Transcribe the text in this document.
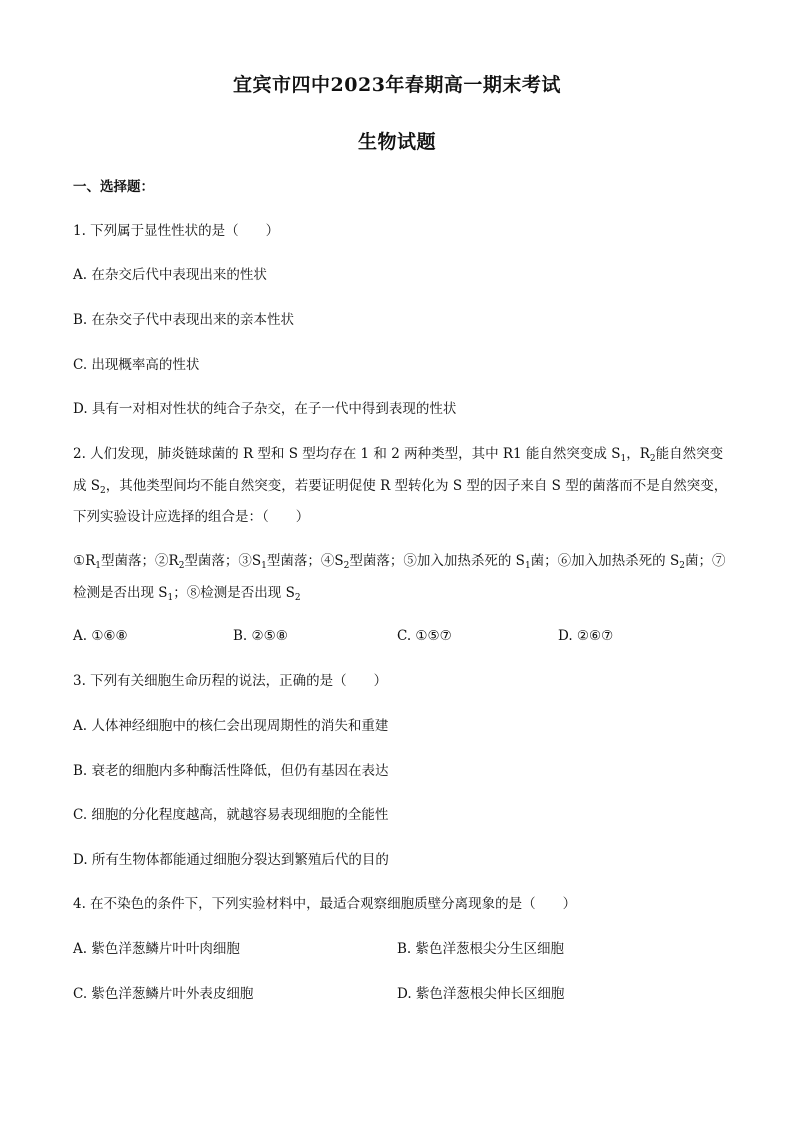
宜宾市四中2023年春期高一期末考试
生物试题
一、选择题：
1. 下列属于显性性状的是（　　）
A. 在杂交后代中表现出来的性状
B. 在杂交子代中表现出来的亲本性状
C. 出现概率高的性状
D. 具有一对相对性状的纯合子杂交，在子一代中得到表现的性状
2. 人们发现，肺炎链球菌的 R 型和 S 型均存在 1 和 2 两种类型，其中 R1 能自然突变成 $S_1$，$R_2$能自然突变
成 $S_2$，其他类型间均不能自然突变，若要证明促使 R 型转化为 S 型的因子来自 S 型的菌落而不是自然突变，
下列实验设计应选择的组合是：（　　）
$①R_1$型菌落；$②R_2$型菌落；$③S_1$型菌落；$④S_2$型菌落；⑤加入加热杀死的 $S_1$菌；⑥加入加热杀死的 $S_2$菌；⑦
检测是否出现 $S_1$；⑧检测是否出现 $S_2$
A. ①⑥⑧	B. ②⑤⑧	C. ①⑤⑦	D. ②⑥⑦
3. 下列有关细胞生命历程的说法，正确的是（　　）
A. 人体神经细胞中的核仁会出现周期性的消失和重建
B. 衰老的细胞内多种酶活性降低，但仍有基因在表达
C. 细胞的分化程度越高，就越容易表现细胞的全能性
D. 所有生物体都能通过细胞分裂达到繁殖后代的目的
4. 在不染色的条件下，下列实验材料中，最适合观察细胞质壁分离现象的是（　　）
A. 紫色洋葱鳞片叶叶肉细胞	B. 紫色洋葱根尖分生区细胞
C. 紫色洋葱鳞片叶外表皮细胞	D. 紫色洋葱根尖伸长区细胞
